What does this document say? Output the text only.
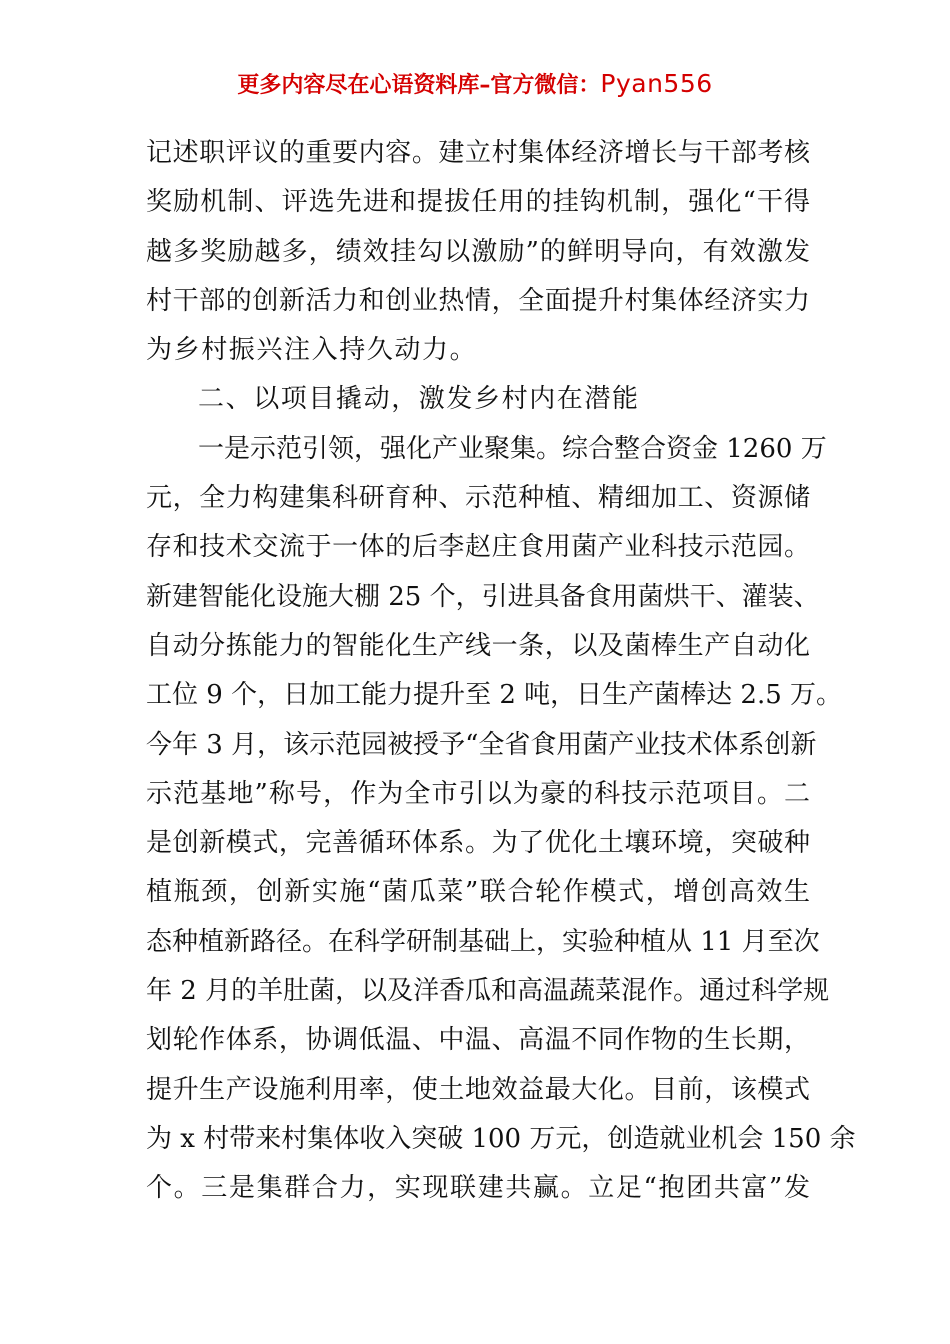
更多内容尽在心语资料库–官方微信：Pyan556
记述职评议的重要内容。建立村集体经济增长与干部考核
奖励机制、评选先进和提拔任用的挂钩机制，强化“干得
越多奖励越多，绩效挂勾以激励”的鲜明导向，有效激发
村干部的创新活力和创业热情，全面提升村集体经济实力
为乡村振兴注入持久动力。
二、以项目撬动，激发乡村内在潜能
一是示范引领，强化产业聚集。综合整合资金 1260 万
元，全力构建集科研育种、示范种植、精细加工、资源储
存和技术交流于一体的后李赵庄食用菌产业科技示范园。
新建智能化设施大棚 25 个，引进具备食用菌烘干、灌装、
自动分拣能力的智能化生产线一条，以及菌棒生产自动化
工位 9 个，日加工能力提升至 2 吨，日生产菌棒达 2.5 万。
今年 3 月，该示范园被授予“全省食用菌产业技术体系创新
示范基地”称号，作为全市引以为豪的科技示范项目。二
是创新模式，完善循环体系。为了优化土壤环境，突破种
植瓶颈，创新实施“菌瓜菜”联合轮作模式，增创高效生
态种植新路径。在科学研制基础上，实验种植从 11 月至次
年 2 月的羊肚菌，以及洋香瓜和高温蔬菜混作。通过科学规
划轮作体系，协调低温、中温、高温不同作物的生长期，
提升生产设施利用率，使土地效益最大化。目前，该模式
为 x 村带来村集体收入突破 100 万元，创造就业机会 150 余
个。三是集群合力，实现联建共赢。立足“抱团共富”发
